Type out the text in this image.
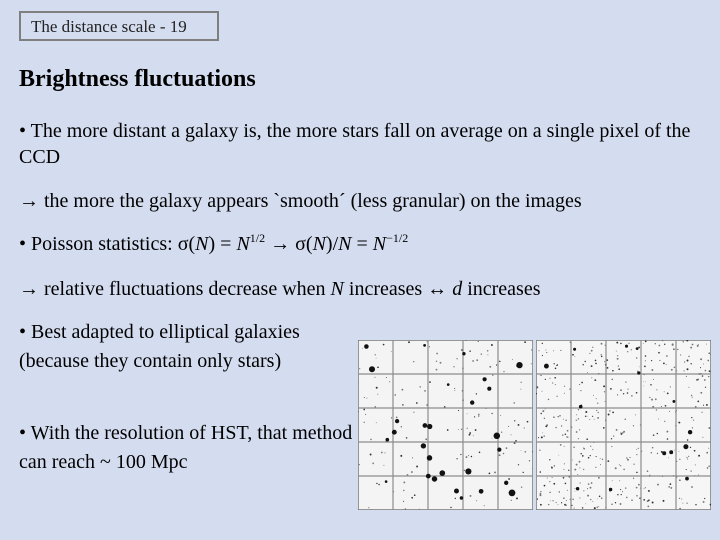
The distance scale - 19
Brightness fluctuations
• The more distant a galaxy is, the more stars fall on average on a single pixel of the CCD
→ the more the galaxy appears `smooth´ (less granular) on the images
• Poisson statistics: $\sigma(N) = N^{1/2} \to \sigma(N)/N = N^{-1/2}$
→ relative fluctuations decrease when N increases ↔ d increases
• Best adapted to elliptical galaxies (because they contain only stars)
• With the resolution of HST, that method can reach ~ 100 Mpc
